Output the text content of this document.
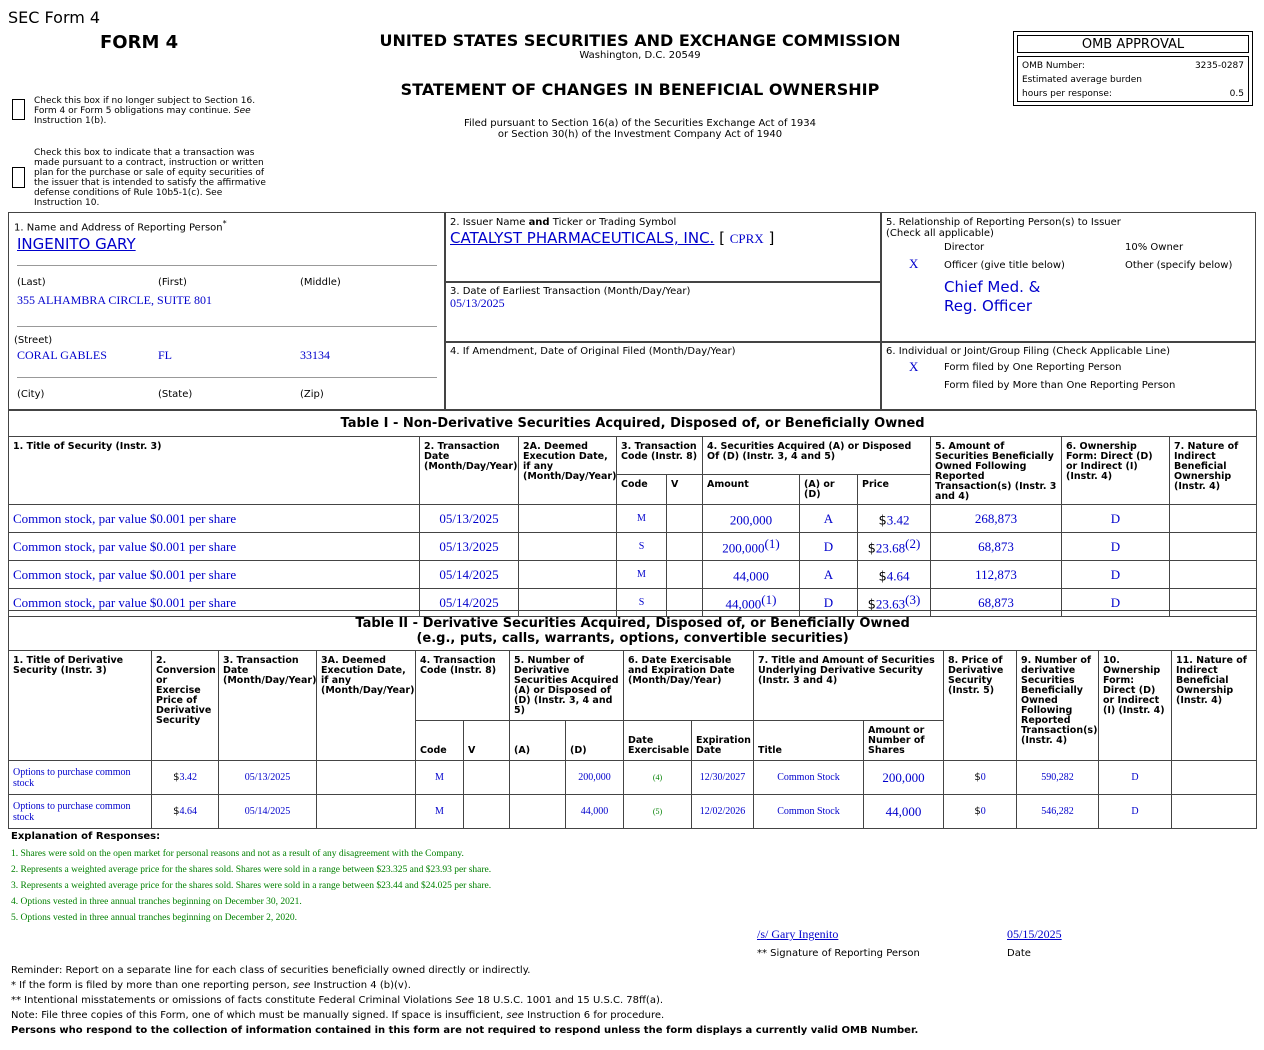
SEC Form 4
FORM 4	UNITED STATES SECURITIES AND EXCHANGE COMMISSION
Washington, D.C. 20549
STATEMENT OF CHANGES IN BENEFICIAL OWNERSHIP
Filed pursuant to Section 16(a) of the Securities Exchange Act of 1934
or Section 30(h) of the Investment Company Act of 1940
OMB APPROVAL
OMB Number:	3235-0287
Estimated average burden
hours per response:	0.5
Check this box if no longer subject to Section 16.
Form 4 or Form 5 obligations may continue. See
Instruction 1(b).
Check this box to indicate that a transaction was
made pursuant to a contract, instruction or written
plan for the purchase or sale of equity securities of
the issuer that is intended to satisfy the affirmative
defense conditions of Rule 10b5-1(c). See
Instruction 10.
1. Name and Address of Reporting Person*
INGENITO GARY
(Last)	(First)	(Middle)
355 ALHAMBRA CIRCLE, SUITE 801
(Street)
CORAL GABLES	FL	33134
(City)	(State)	(Zip)
2. Issuer Name and Ticker or Trading Symbol
CATALYST PHARMACEUTICALS, INC. [ CPRX ]
3. Date of Earliest Transaction (Month/Day/Year)
05/13/2025
4. If Amendment, Date of Original Filed (Month/Day/Year)
5. Relationship of Reporting Person(s) to Issuer
(Check all applicable)
Director	10% Owner
X	Officer (give title below)	Other (specify below)
Chief Med. &
Reg. Officer
6. Individual or Joint/Group Filing (Check Applicable Line)
X	Form filed by One Reporting Person
Form filed by More than One Reporting Person
Table I - Non-Derivative Securities Acquired, Disposed of, or Beneficially Owned										
1. Title of Security (Instr. 3)	2. Transaction Date (Month/Day/Year)	2A. Deemed Execution Date, if any (Month/Day/Year)	3. Transaction Code (Instr. 8)		4. Securities Acquired (A) or Disposed Of (D) (Instr. 3, 4 and 5)			5. Amount of Securities Beneficially Owned Following Reported Transaction(s) (Instr. 3 and 4)	6. Ownership Form: Direct (D) or Indirect (I) (Instr. 4)	7. Nature of Indirect Beneficial Ownership (Instr. 4)
			Code	V	Amount	(A) or (D)	Price			
Common stock, par value $0.001 per share	05/13/2025		M		200,000	A	$3.42	268,873	D	
Common stock, par value $0.001 per share	05/13/2025		S		200,000$^{(1)}$	D	$23.68$^{(2)}$	68,873	D	
Common stock, par value $0.001 per share	05/14/2025		M		44,000	A	$4.64	112,873	D	
Common stock, par value $0.001 per share	05/14/2025		S		44,000$^{(1)}$	D	$23.63$^{(3)}$	68,873	D	
Table II - Derivative Securities Acquired, Disposed of, or Beneficially Owned
(e.g., puts, calls, warrants, options, convertible securities)															

1. Title of Derivative Security (Instr. 3)	2. Conversion or Exercise Price of Derivative Security	3. Transaction Date (Month/Day/Year)	3A. Deemed Execution Date, if any (Month/Day/Year)	4. Transaction Code (Instr. 8)		5. Number of Derivative Securities Acquired (A) or Disposed of (D) (Instr. 3, 4 and 5)		6. Date Exercisable and Expiration Date (Month/Day/Year)		7. Title and Amount of Securities Underlying Derivative Security (Instr. 3 and 4)		8. Price of Derivative Security (Instr. 5)	9. Number of derivative Securities Beneficially Owned Following Reported Transaction(s) (Instr. 4)	10. Ownership Form: Direct (D) or Indirect (I) (Instr. 4)	11. Nature of Indirect Beneficial Ownership (Instr. 4)
				Code	V	(A)	(D)	Date Exercisable	Expiration Date	Title	Amount or Number of Shares				
Options to purchase common stock	$3.42	05/13/2025		M			200,000	(4)	12/30/2027	Common Stock	200,000	$0	590,282	D	
Options to purchase common stock	$4.64	05/14/2025		M			44,000	(5)	12/02/2026	Common Stock	44,000	$0	546,282	D	
Explanation of Responses:
1. Shares were sold on the open market for personal reasons and not as a result of any disagreement with the Company.
2. Represents a weighted average price for the shares sold. Shares were sold in a range between $23.325 and $23.93 per share.
3. Represents a weighted average price for the shares sold. Shares were sold in a range between $23.44 and $24.025 per share.
4. Options vested in three annual tranches beginning on December 30, 2021.
5. Options vested in three annual tranches beginning on December 2, 2020.
/s/ Gary Ingenito	05/15/2025
** Signature of Reporting Person	Date
Reminder: Report on a separate line for each class of securities beneficially owned directly or indirectly.
* If the form is filed by more than one reporting person, see Instruction 4 (b)(v).
** Intentional misstatements or omissions of facts constitute Federal Criminal Violations See 18 U.S.C. 1001 and 15 U.S.C. 78ff(a).
Note: File three copies of this Form, one of which must be manually signed. If space is insufficient, see Instruction 6 for procedure.
Persons who respond to the collection of information contained in this form are not required to respond unless the form displays a currently valid OMB Number.
